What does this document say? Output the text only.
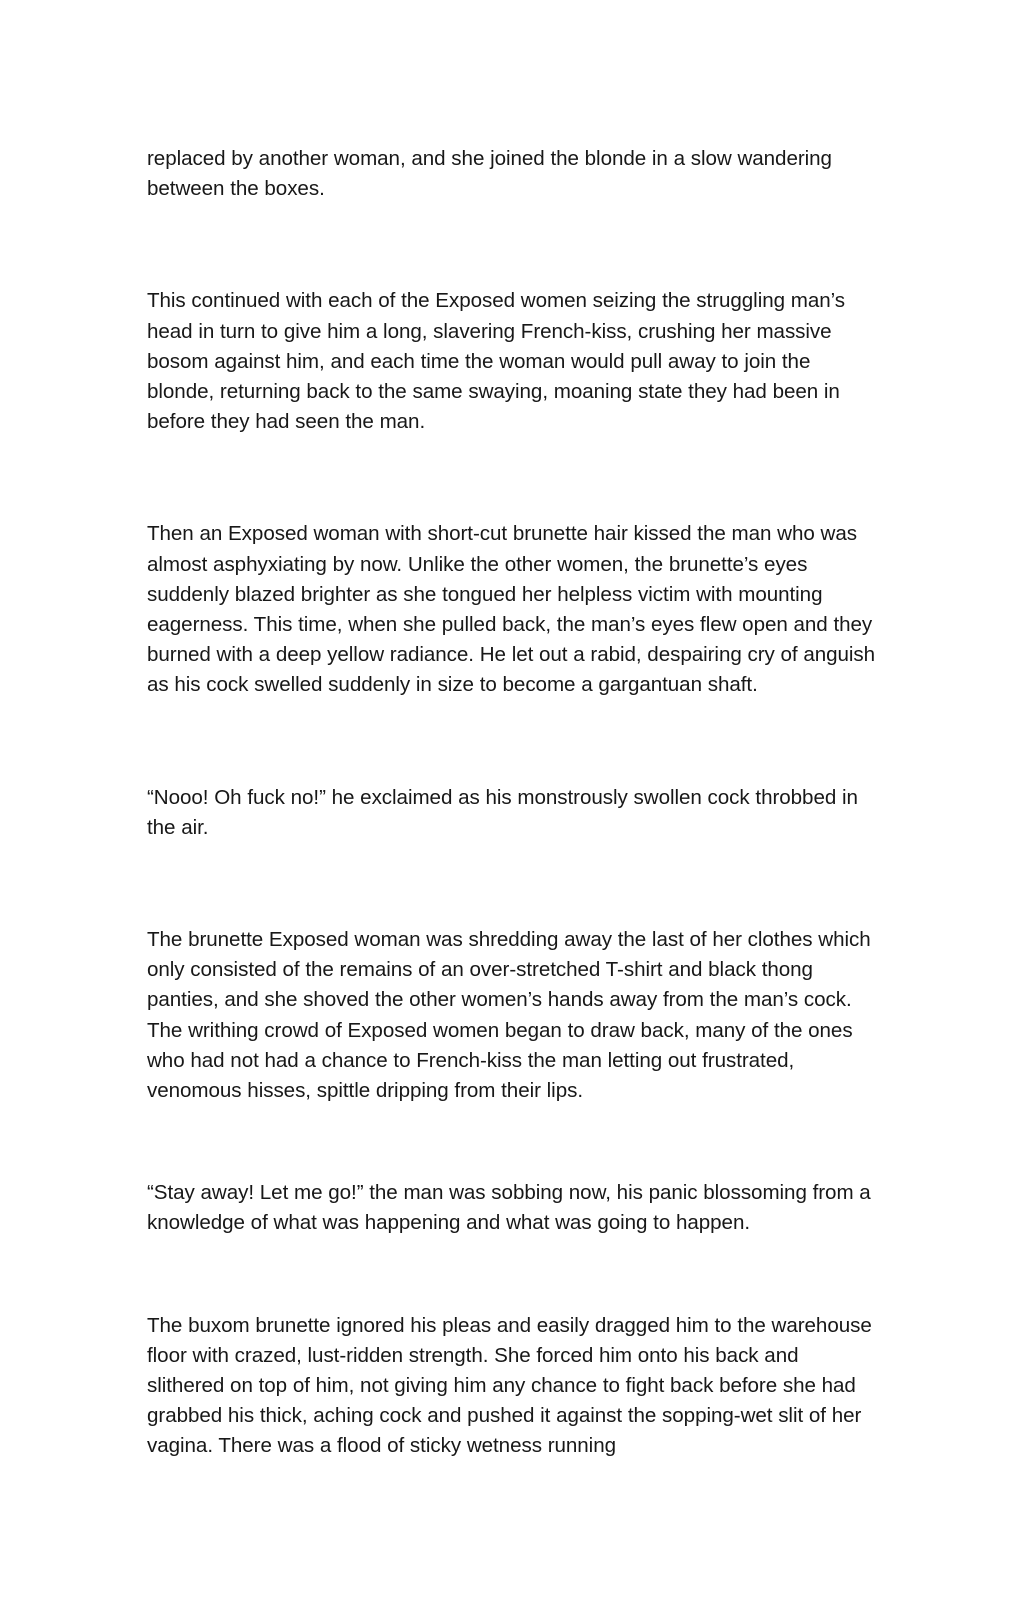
replaced by another woman, and she joined the blonde in a slow wandering between the boxes.

This continued with each of the Exposed women seizing the struggling man’s head in turn to give him a long, slavering French-kiss, crushing her massive bosom against him, and each time the woman would pull away to join the blonde, returning back to the same swaying, moaning state they had been in before they had seen the man.

Then an Exposed woman with short-cut brunette hair kissed the man who was almost asphyxiating by now. Unlike the other women, the brunette’s eyes suddenly blazed brighter as she tongued her helpless victim with mounting eagerness. This time, when she pulled back, the man’s eyes flew open and they burned with a deep yellow radiance. He let out a rabid, despairing cry of anguish as his cock swelled suddenly in size to become a gargantuan shaft.

“Nooo! Oh fuck no!” he exclaimed as his monstrously swollen cock throbbed in the air.

The brunette Exposed woman was shredding away the last of her clothes which only consisted of the remains of an over-stretched T-shirt and black thong panties, and she shoved the other women’s hands away from the man’s cock. The writhing crowd of Exposed women began to draw back, many of the ones who had not had a chance to French-kiss the man letting out frustrated, venomous hisses, spittle dripping from their lips.

“Stay away! Let me go!” the man was sobbing now, his panic blossoming from a knowledge of what was happening and what was going to happen.

The buxom brunette ignored his pleas and easily dragged him to the warehouse floor with crazed, lust-ridden strength. She forced him onto his back and slithered on top of him, not giving him any chance to fight back before she had grabbed his thick, aching cock and pushed it against the sopping-wet slit of her vagina. There was a flood of sticky wetness running
